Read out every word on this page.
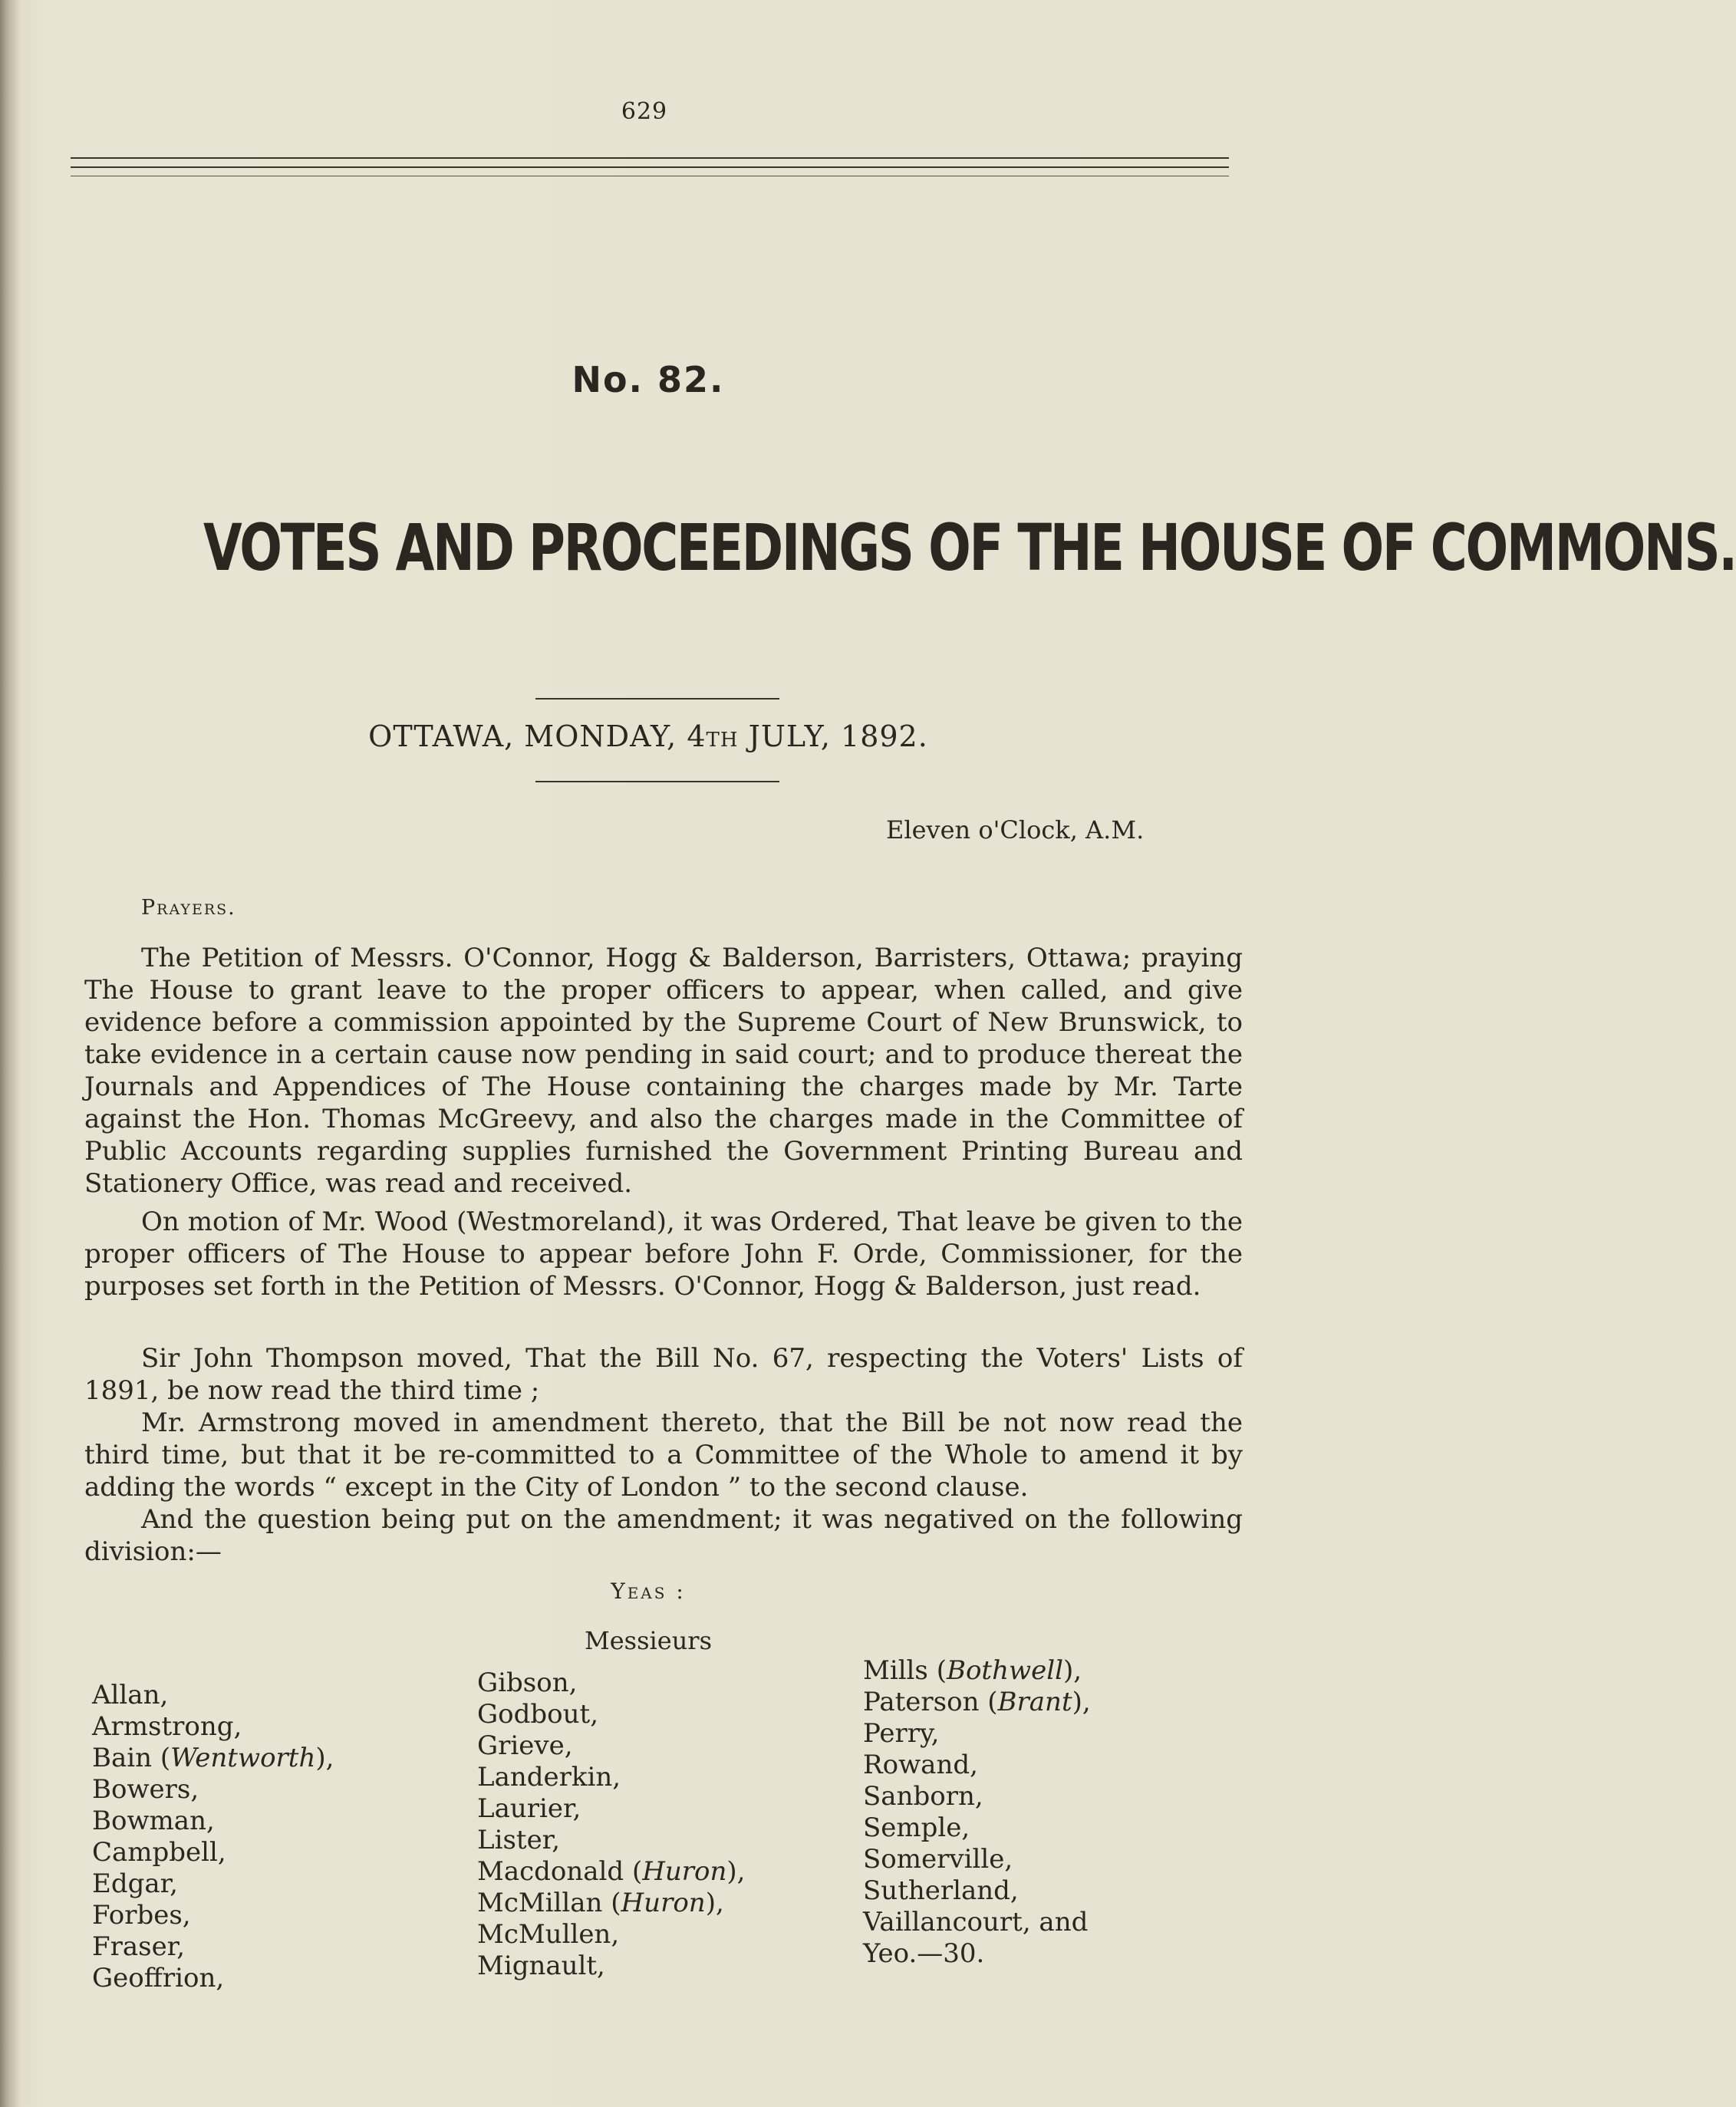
629
No. 82.
VOTES AND PROCEEDINGS OF THE HOUSE OF COMMONS.
OTTAWA, MONDAY, 4TH JULY, 1892.
Eleven o'Clock, A.M.
Prayers.

The Petition of Messrs. O'Connor, Hogg & Balderson, Barristers, Ottawa; praying The House to grant leave to the proper officers to appear, when called, and give evidence before a commission appointed by the Supreme Court of New Brunswick, to take evidence in a certain cause now pending in said court; and to produce thereat the Journals and Appendices of The House containing the charges made by Mr. Tarte against the Hon. Thomas McGreevy, and also the charges made in the Committee of Public Accounts regarding supplies furnished the Government Printing Bureau and Stationery Office, was read and received.

On motion of Mr. Wood (Westmoreland), it was Ordered, That leave be given to the proper officers of The House to appear before John F. Orde, Commissioner, for the purposes set forth in the Petition of Messrs. O'Connor, Hogg & Balderson, just read.

Sir John Thompson moved, That the Bill No. 67, respecting the Voters' Lists of 1891, be now read the third time ;

Mr. Armstrong moved in amendment thereto, that the Bill be not now read the third time, but that it be re-committed to a Committee of the Whole to amend it by adding the words “ except in the City of London ” to the second clause.

And the question being put on the amendment; it was negatived on the following division:—

Yeas :
Messieurs
Allan,
Armstrong,
Bain (Wentworth),
Bowers,
Bowman,
Campbell,
Edgar,
Forbes,
Fraser,
Geoffrion,
Gibson,
Godbout,
Grieve,
Landerkin,
Laurier,
Lister,
Macdonald (Huron),
McMillan (Huron),
McMullen,
Mignault,
Mills (Bothwell),
Paterson (Brant),
Perry,
Rowand,
Sanborn,
Semple,
Somerville,
Sutherland,
Vaillancourt, and
Yeo.—30.
